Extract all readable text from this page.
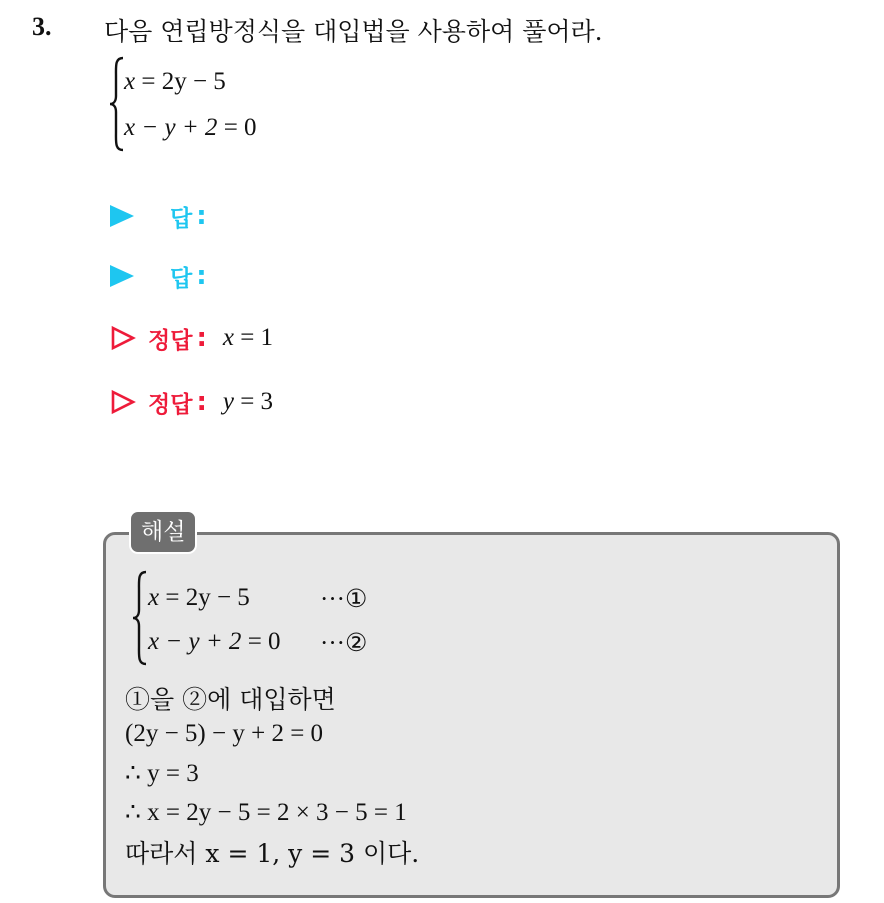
3. 다음 연립방정식을 대입법을 사용하여 풀어라.
x = 2y − 5
x − y + 2 = 0
답 :
답 :
정답 : x = 1
정답 : y = 3
해설
x = 2y − 5	···①
x − y + 2 = 0 ···②
①을 ②에 대입하면
(2y − 5) − y + 2 = 0
∴ y = 3
∴ x = 2y − 5 = 2 × 3 − 5 = 1
따라서 x = 1, y = 3 이다.
